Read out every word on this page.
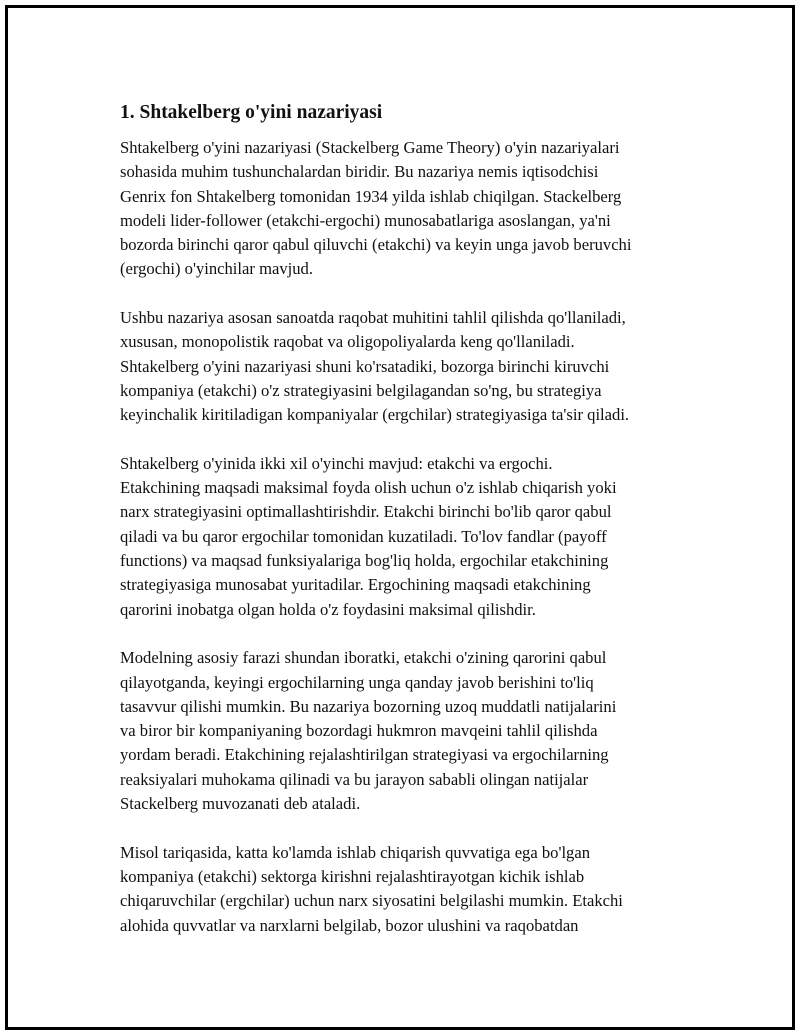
1. Shtakelberg o'yini nazariyasi

Shtakelberg o'yini nazariyasi (Stackelberg Game Theory) o'yin nazariyalari
sohasida muhim tushunchalardan biridir. Bu nazariya nemis iqtisodchisi
Genrix fon Shtakelberg tomonidan 1934 yilda ishlab chiqilgan. Stackelberg
modeli lider-follower (etakchi-ergochi) munosabatlariga asoslangan, ya'ni
bozorda birinchi qaror qabul qiluvchi (etakchi) va keyin unga javob beruvchi
(ergochi) o'yinchilar mavjud.

Ushbu nazariya asosan sanoatda raqobat muhitini tahlil qilishda qo'llaniladi,
xususan, monopolistik raqobat va oligopoliyalarda keng qo'llaniladi.
Shtakelberg o'yini nazariyasi shuni ko'rsatadiki, bozorga birinchi kiruvchi
kompaniya (etakchi) o'z strategiyasini belgilagandan so'ng, bu strategiya
keyinchalik kiritiladigan kompaniyalar (ergchilar) strategiyasiga ta'sir qiladi.

Shtakelberg o'yinida ikki xil o'yinchi mavjud: etakchi va ergochi.
Etakchining maqsadi maksimal foyda olish uchun o'z ishlab chiqarish yoki
narx strategiyasini optimallashtirishdir. Etakchi birinchi bo'lib qaror qabul
qiladi va bu qaror ergochilar tomonidan kuzatiladi. To'lov fandlar (payoff
functions) va maqsad funksiyalariga bog'liq holda, ergochilar etakchining
strategiyasiga munosabat yuritadilar. Ergochining maqsadi etakchining
qarorini inobatga olgan holda o'z foydasini maksimal qilishdir.

Modelning asosiy farazi shundan iboratki, etakchi o'zining qarorini qabul
qilayotganda, keyingi ergochilarning unga qanday javob berishini to'liq
tasavvur qilishi mumkin. Bu nazariya bozorning uzoq muddatli natijalarini
va biror bir kompaniyaning bozordagi hukmron mavqeini tahlil qilishda
yordam beradi. Etakchining rejalashtirilgan strategiyasi va ergochilarning
reaksiyalari muhokama qilinadi va bu jarayon sababli olingan natijalar
Stackelberg muvozanati deb ataladi.

Misol tariqasida, katta ko'lamda ishlab chiqarish quvvatiga ega bo'lgan
kompaniya (etakchi) sektorga kirishni rejalashtirayotgan kichik ishlab
chiqaruvchilar (ergchilar) uchun narx siyosatini belgilashi mumkin. Etakchi
alohida quvvatlar va narxlarni belgilab, bozor ulushini va raqobatdan
